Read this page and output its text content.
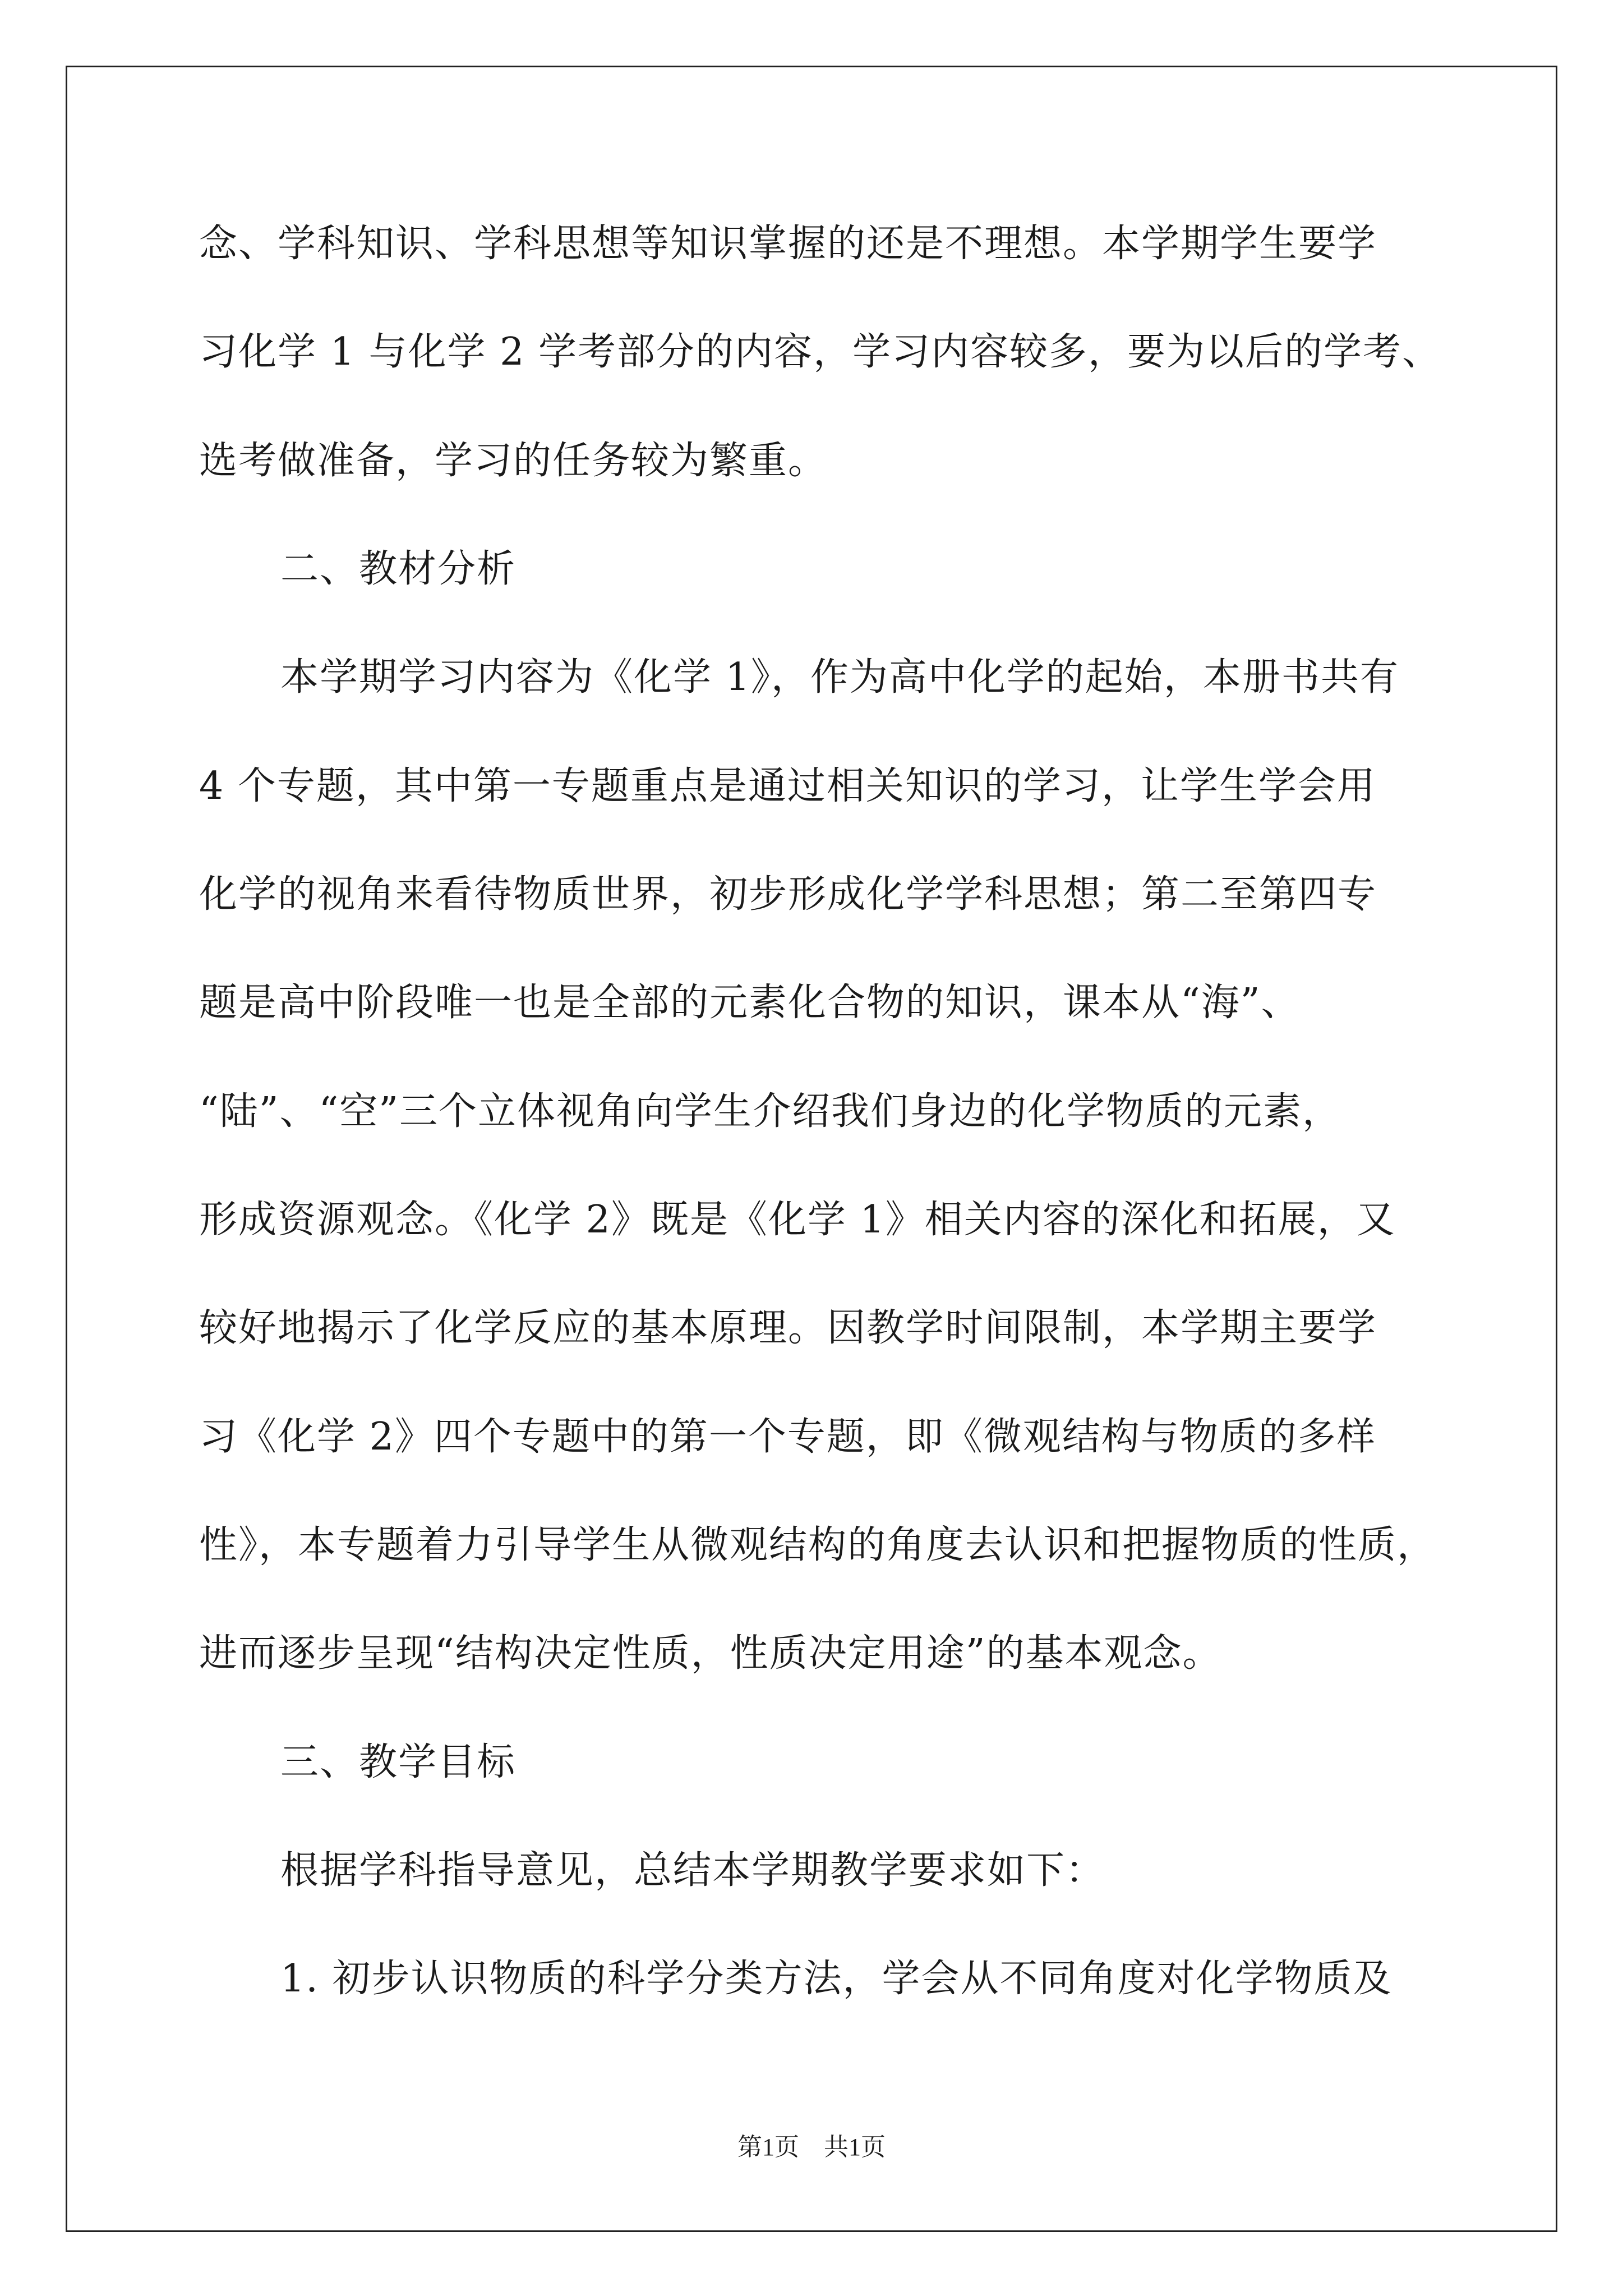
念、学科知识、学科思想等知识掌握的还是不理想。本学期学生要学
习化学 1 与化学 2 学考部分的内容，学习内容较多，要为以后的学考、
选考做准备，学习的任务较为繁重。
二、教材分析
本学期学习内容为《化学 1》，作为高中化学的起始，本册书共有
4 个专题，其中第一专题重点是通过相关知识的学习，让学生学会用
化学的视角来看待物质世界，初步形成化学学科思想；第二至第四专
题是高中阶段唯一也是全部的元素化合物的知识，课本从“海”、
“陆”、“空”三个立体视角向学生介绍我们身边的化学物质的元素，
形成资源观念。《化学 2》既是《化学 1》相关内容的深化和拓展，又
较好地揭示了化学反应的基本原理。因教学时间限制，本学期主要学
习《化学 2》四个专题中的第一个专题，即《微观结构与物质的多样
性》，本专题着力引导学生从微观结构的角度去认识和把握物质的性质，
进而逐步呈现“结构决定性质，性质决定用途”的基本观念。
三、教学目标
根据学科指导意见，总结本学期教学要求如下：
1. 初步认识物质的科学分类方法，学会从不同角度对化学物质及
第1页　共1页
